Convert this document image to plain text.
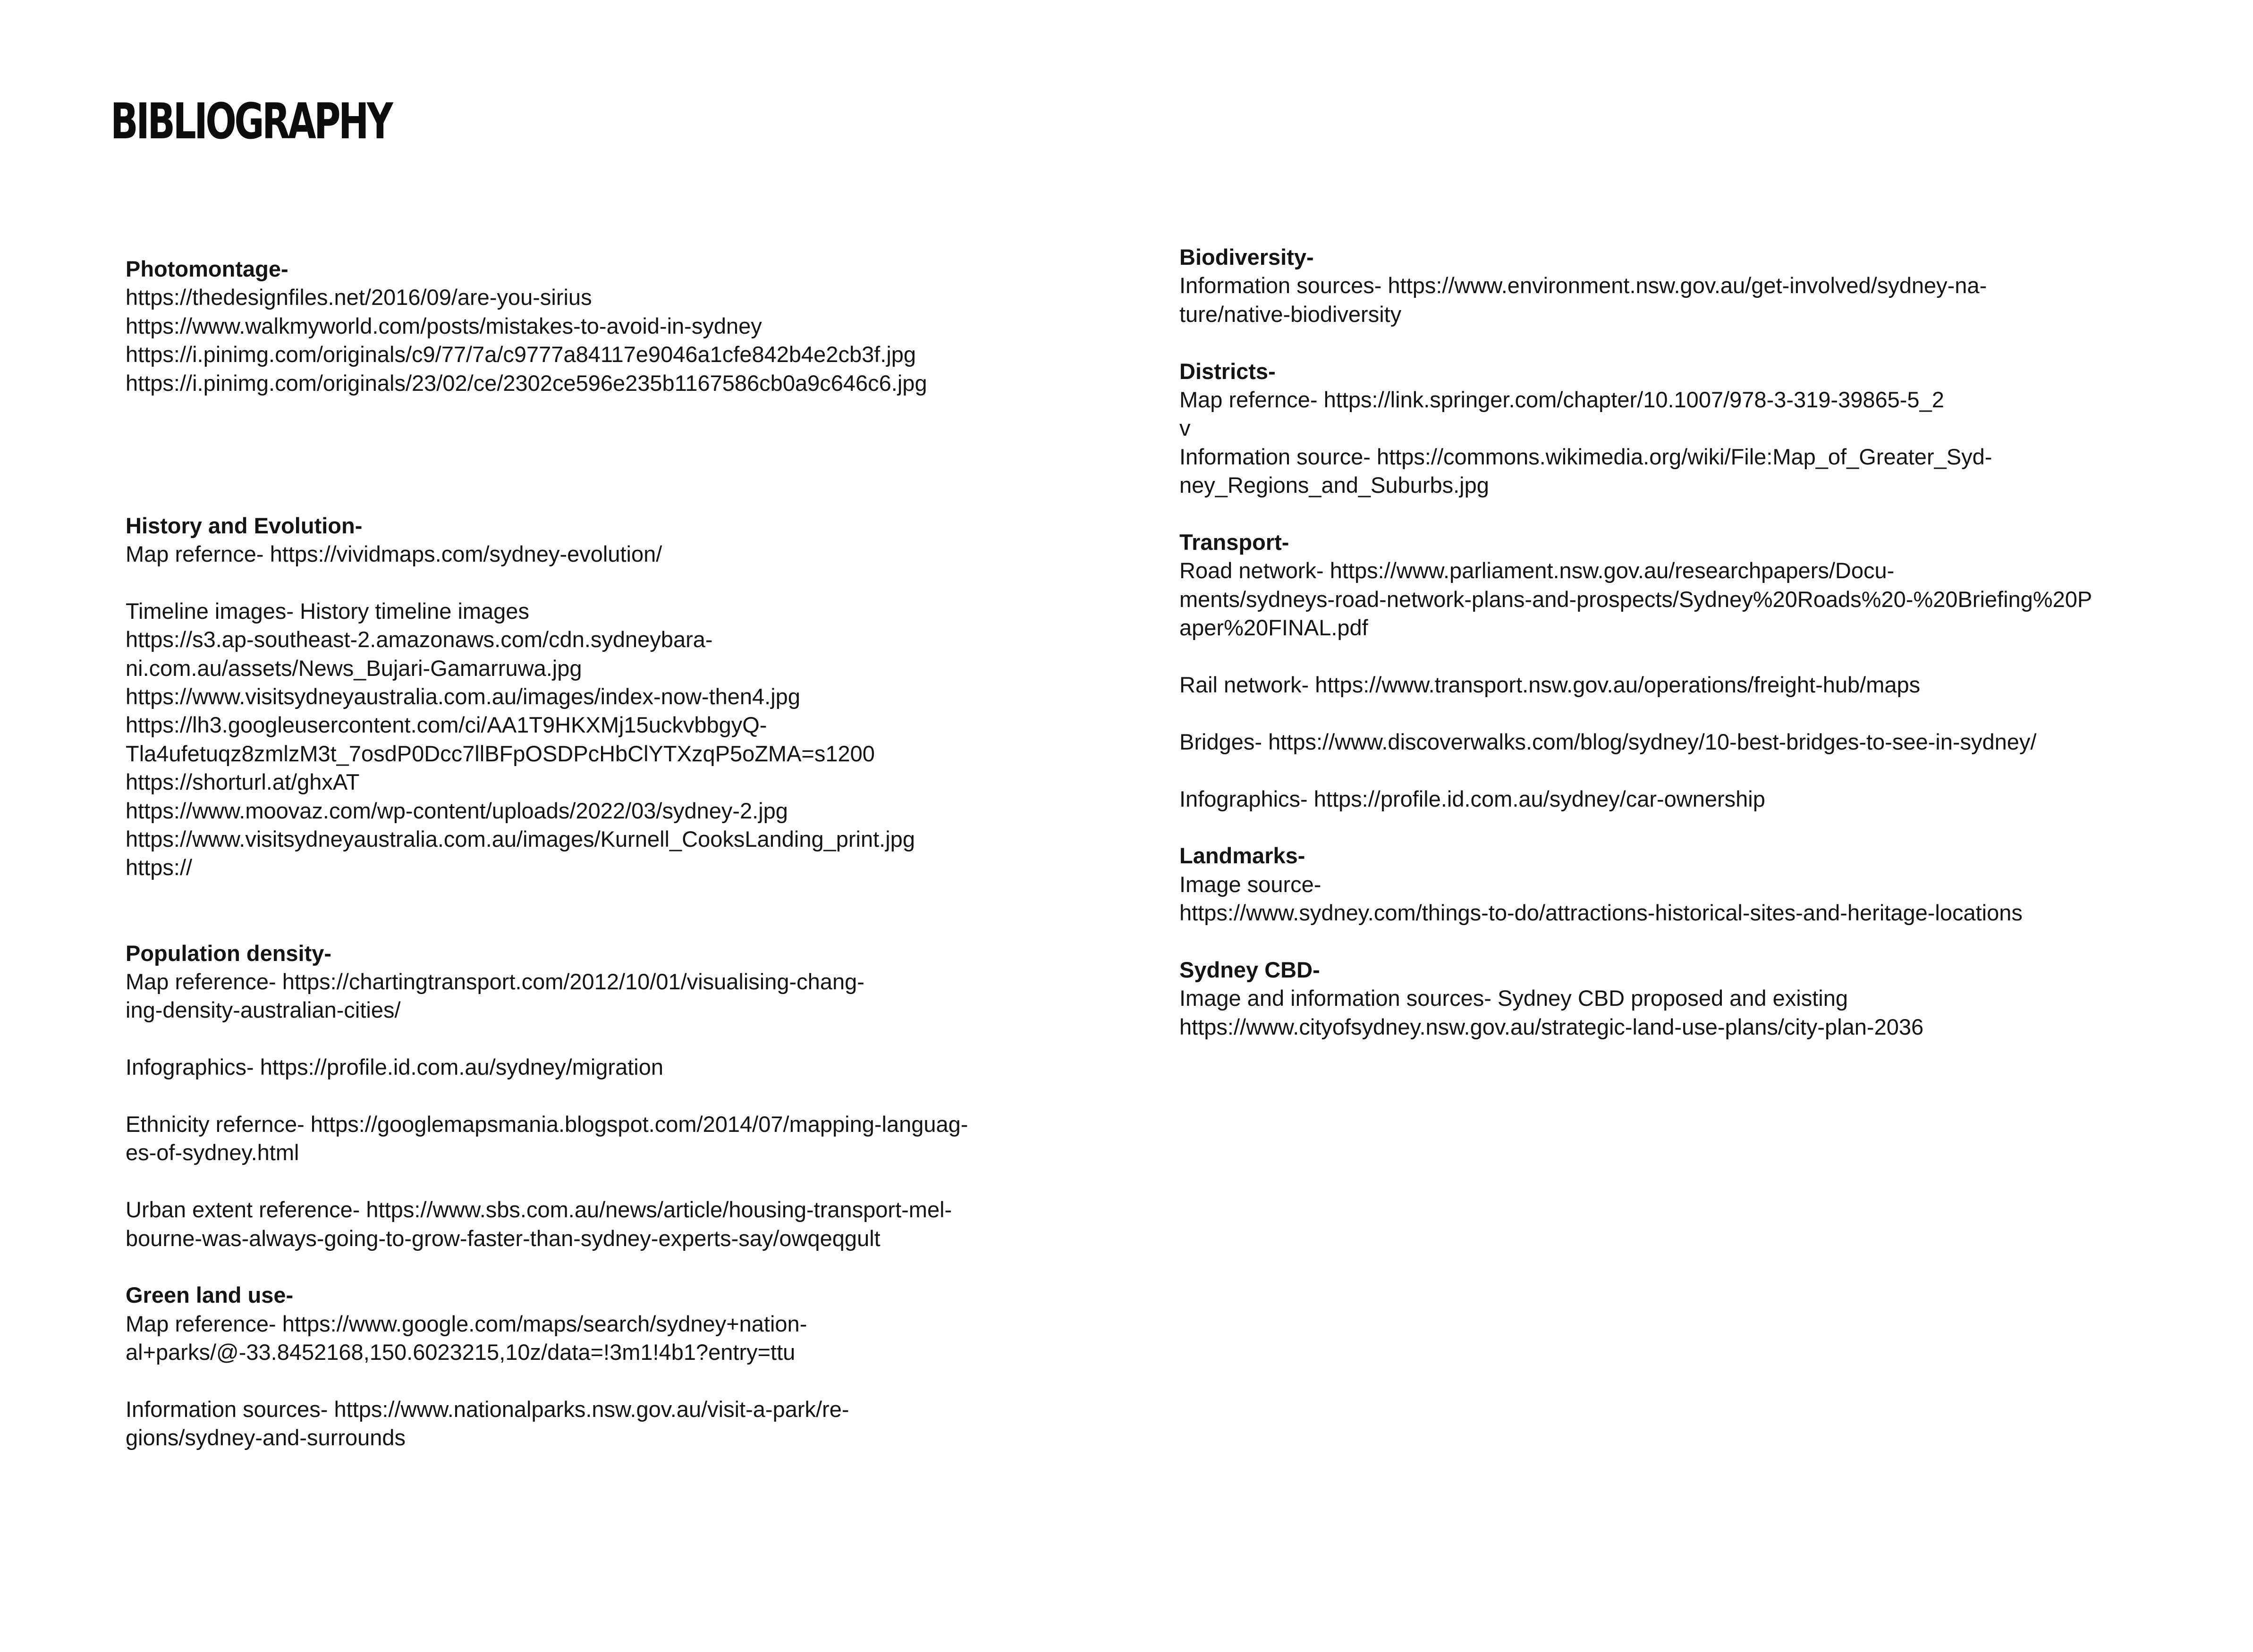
BIBLIOGRAPHY

Photomontage-

https://thedesignfiles.net/2016/09/are-you-sirius

https://www.walkmyworld.com/posts/mistakes-to-avoid-in-sydney

https://i.pinimg.com/originals/c9/77/7a/c9777a84117e9046a1cfe842b4e2cb3f.jpg

https://i.pinimg.com/originals/23/02/ce/2302ce596e235b1167586cb0a9c646c6.jpg

History and Evolution-

Map refernce- https://vividmaps.com/sydney-evolution/

Timeline images- History timeline images

https://s3.ap-southeast-2.amazonaws.com/cdn.sydneybara-

ni.com.au/assets/News_Bujari-Gamarruwa.jpg

https://www.visitsydneyaustralia.com.au/images/index-now-then4.jpg

https://lh3.googleusercontent.com/ci/AA1T9HKXMj15uckvbbgyQ-

Tla4ufetuqz8zmlzM3t_7osdP0Dcc7llBFpOSDPcHbClYTXzqP5oZMA=s1200

https://shorturl.at/ghxAT

https://www.moovaz.com/wp-content/uploads/2022/03/sydney-2.jpg

https://www.visitsydneyaustralia.com.au/images/Kurnell_CooksLanding_print.jpg

https://

Population density-

Map reference- https://chartingtransport.com/2012/10/01/visualising-chang-

ing-density-australian-cities/

Infographics- https://profile.id.com.au/sydney/migration

Ethnicity refernce- https://googlemapsmania.blogspot.com/2014/07/mapping-languag-

es-of-sydney.html

Urban extent reference- https://www.sbs.com.au/news/article/housing-transport-mel-

bourne-was-always-going-to-grow-faster-than-sydney-experts-say/owqeqgult

Green land use-

Map reference- https://www.google.com/maps/search/sydney+nation-

al+parks/@-33.8452168,150.6023215,10z/data=!3m1!4b1?entry=ttu

Information sources- https://www.nationalparks.nsw.gov.au/visit-a-park/re-

gions/sydney-and-surrounds

Biodiversity-

Information sources- https://www.environment.nsw.gov.au/get-involved/sydney-na-

ture/native-biodiversity

Districts-

Map refernce- https://link.springer.com/chapter/10.1007/978-3-319-39865-5_2

v

Information source- https://commons.wikimedia.org/wiki/File:Map_of_Greater_Syd-

ney_Regions_and_Suburbs.jpg

Transport-

Road network- https://www.parliament.nsw.gov.au/researchpapers/Docu-

ments/sydneys-road-network-plans-and-prospects/Sydney%20Roads%20-%20Briefing%20P

aper%20FINAL.pdf

Rail network- https://www.transport.nsw.gov.au/operations/freight-hub/maps

Bridges- https://www.discoverwalks.com/blog/sydney/10-best-bridges-to-see-in-sydney/

Infographics- https://profile.id.com.au/sydney/car-ownership

Landmarks-

Image source-

https://www.sydney.com/things-to-do/attractions-historical-sites-and-heritage-locations

Sydney CBD-

Image and information sources- Sydney CBD proposed and existing

https://www.cityofsydney.nsw.gov.au/strategic-land-use-plans/city-plan-2036
